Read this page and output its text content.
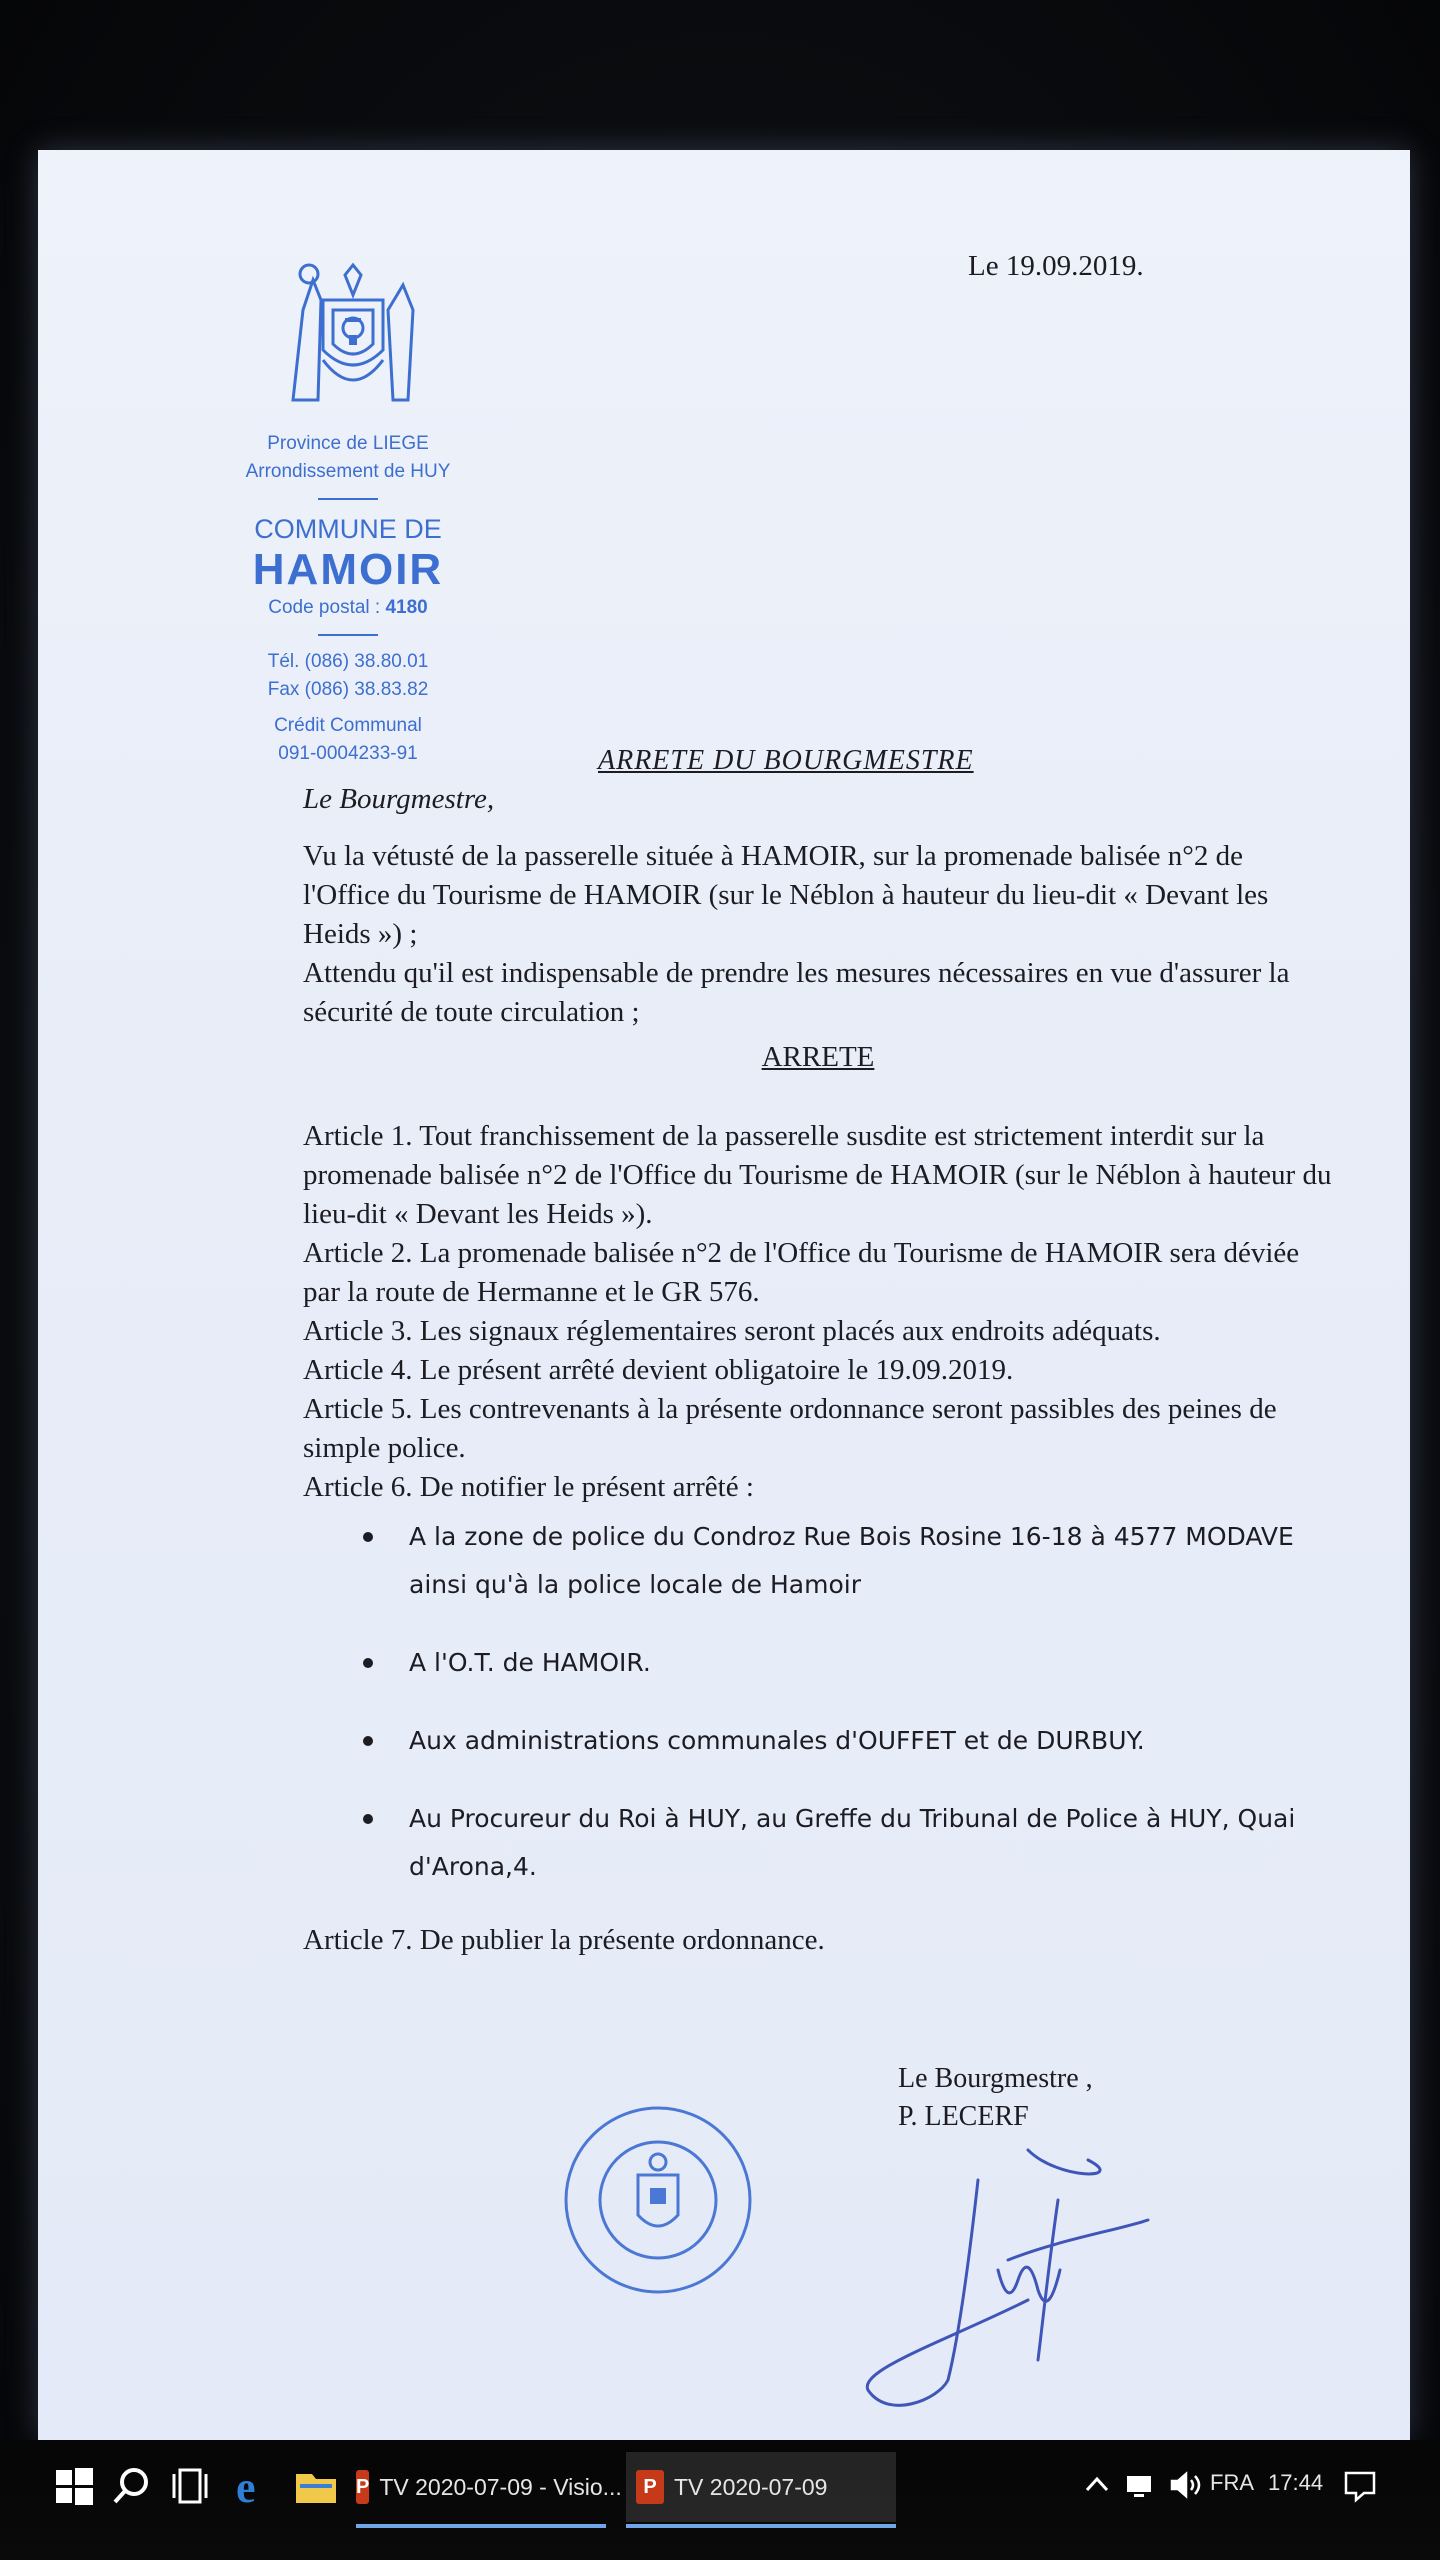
Province de LIEGE
Arrondissement de HUY
COMMUNE DE
HAMOIR
Code postal : 4180
Tél. (086) 38.80.01
Fax (086) 38.83.82
Crédit Communal
091-0004233-91
Le 19.09.2019.
ARRETE DU BOURGMESTRE

Le Bourgmestre,

Vu la vétusté de la passerelle située à HAMOIR, sur la promenade balisée n°2 de l'Office du Tourisme de HAMOIR (sur le Néblon à hauteur du lieu-dit « Devant les Heids ») ;

Attendu qu'il est indispensable de prendre les mesures nécessaires en vue d'assurer la sécurité de toute circulation ;

ARRETE

Article 1. Tout franchissement de la passerelle susdite est strictement interdit sur la promenade balisée n°2 de l'Office du Tourisme de HAMOIR (sur le Néblon à hauteur du lieu-dit « Devant les Heids »).

Article 2. La promenade balisée n°2 de l'Office du Tourisme de HAMOIR sera déviée par la route de Hermanne et le GR 576.

Article 3. Les signaux réglementaires seront placés aux endroits adéquats.

Article 4. Le présent arrêté devient obligatoire le 19.09.2019.

Article 5. Les contrevenants à la présente ordonnance seront passibles des peines de simple police.

Article 6. De notifier le présent arrêté :

A la zone de police du Condroz Rue Bois Rosine 16-18 à 4577 MODAVE ainsi qu'à la police locale de Hamoir
A l'O.T. de HAMOIR.
Aux administrations communales d'OUFFET et de DURBUY.
Au Procureur du Roi à HUY, au Greffe du Tribunal de Police à HUY, Quai d'Arona,4.

Article 7. De publier la présente ordonnance.

Le Bourgmestre ,
P. LECERF
e	P TV 2020-07-09 - Visio...	P TV 2020-07-09	FRA 17:44
